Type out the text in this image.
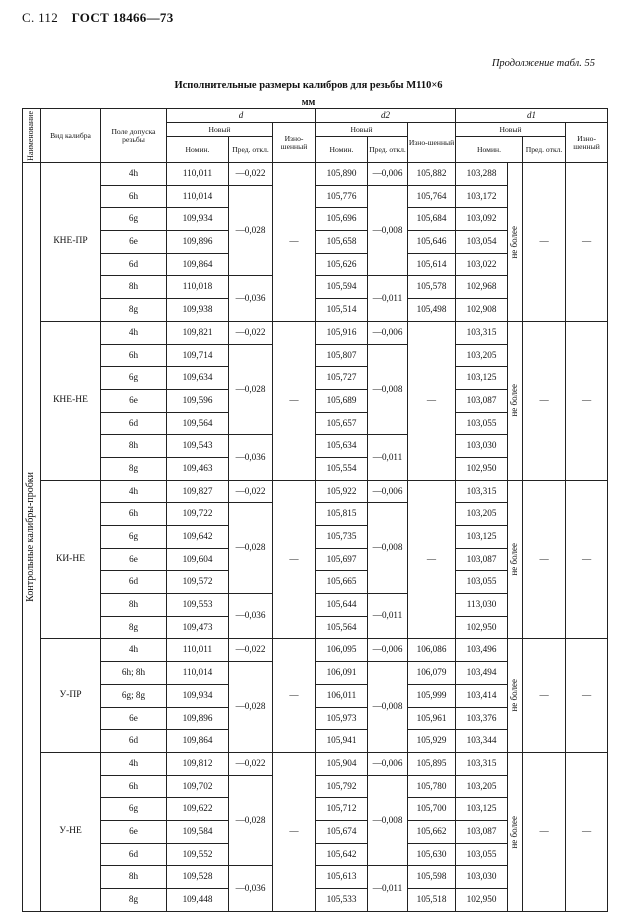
С. 112 ГОСТ 18466—73
Продолжение табл. 55
Исполнительные размеры калибров для резьбы М110×6
мм
Наименование	Вид калибра	Поле допуска резьбы	d			d2			d1			
			Новый		Изно-шенный	Новый		Изно-шенный	Новый			Изно-шенный
			Номин.	Пред. откл.		Номин.	Пред. откл.		Номин.		Пред. откл.	

Контрольные калибры-пробки	КНЕ-ПР	4h	110,011	—0,022	—	105,890	—0,006	105,882	103,288	не более	—	—
		6h	110,014	—0,028		105,776	—0,008	105,764	103,172			
		6g	109,934			105,696		105,684	103,092			
		6e	109,896			105,658		105,646	103,054			
		6d	109,864			105,626		105,614	103,022			
		8h	110,018	—0,036		105,594	—0,011	105,578	102,968			
		8g	109,938			105,514		105,498	102,908			
	КНЕ-НЕ	4h	109,821	—0,022	—	105,916	—0,006	—	103,315	не более	—	—
		6h	109,714	—0,028		105,807	—0,008		103,205			
		6g	109,634			105,727			103,125			
		6e	109,596			105,689			103,087			
		6d	109,564			105,657			103,055			
		8h	109,543	—0,036		105,634	—0,011		103,030			
		8g	109,463			105,554			102,950			
	КИ-НЕ	4h	109,827	—0,022	—	105,922	—0,006	—	103,315	не более	—	—
		6h	109,722	—0,028		105,815	—0,008		103,205			
		6g	109,642			105,735			103,125			
		6e	109,604			105,697			103,087			
		6d	109,572			105,665			103,055			
		8h	109,553	—0,036		105,644	—0,011		113,030			
		8g	109,473			105,564			102,950			
	У-ПР	4h	110,011	—0,022	—	106,095	—0,006	106,086	103,496	не более	—	—
		6h; 8h	110,014	—0,028		106,091	—0,008	106,079	103,494			
		6g; 8g	109,934			106,011		105,999	103,414			
		6e	109,896			105,973		105,961	103,376			
		6d	109,864			105,941		105,929	103,344			
	У-НЕ	4h	109,812	—0,022	—	105,904	—0,006	105,895	103,315	не более	—	—
		6h	109,702	—0,028		105,792	—0,008	105,780	103,205			
		6g	109,622			105,712		105,700	103,125			
		6e	109,584			105,674		105,662	103,087			
		6d	109,552			105,642		105,630	103,055			
		8h	109,528	—0,036		105,613	—0,011	105,598	103,030			
		8g	109,448			105,533		105,518	102,950			
